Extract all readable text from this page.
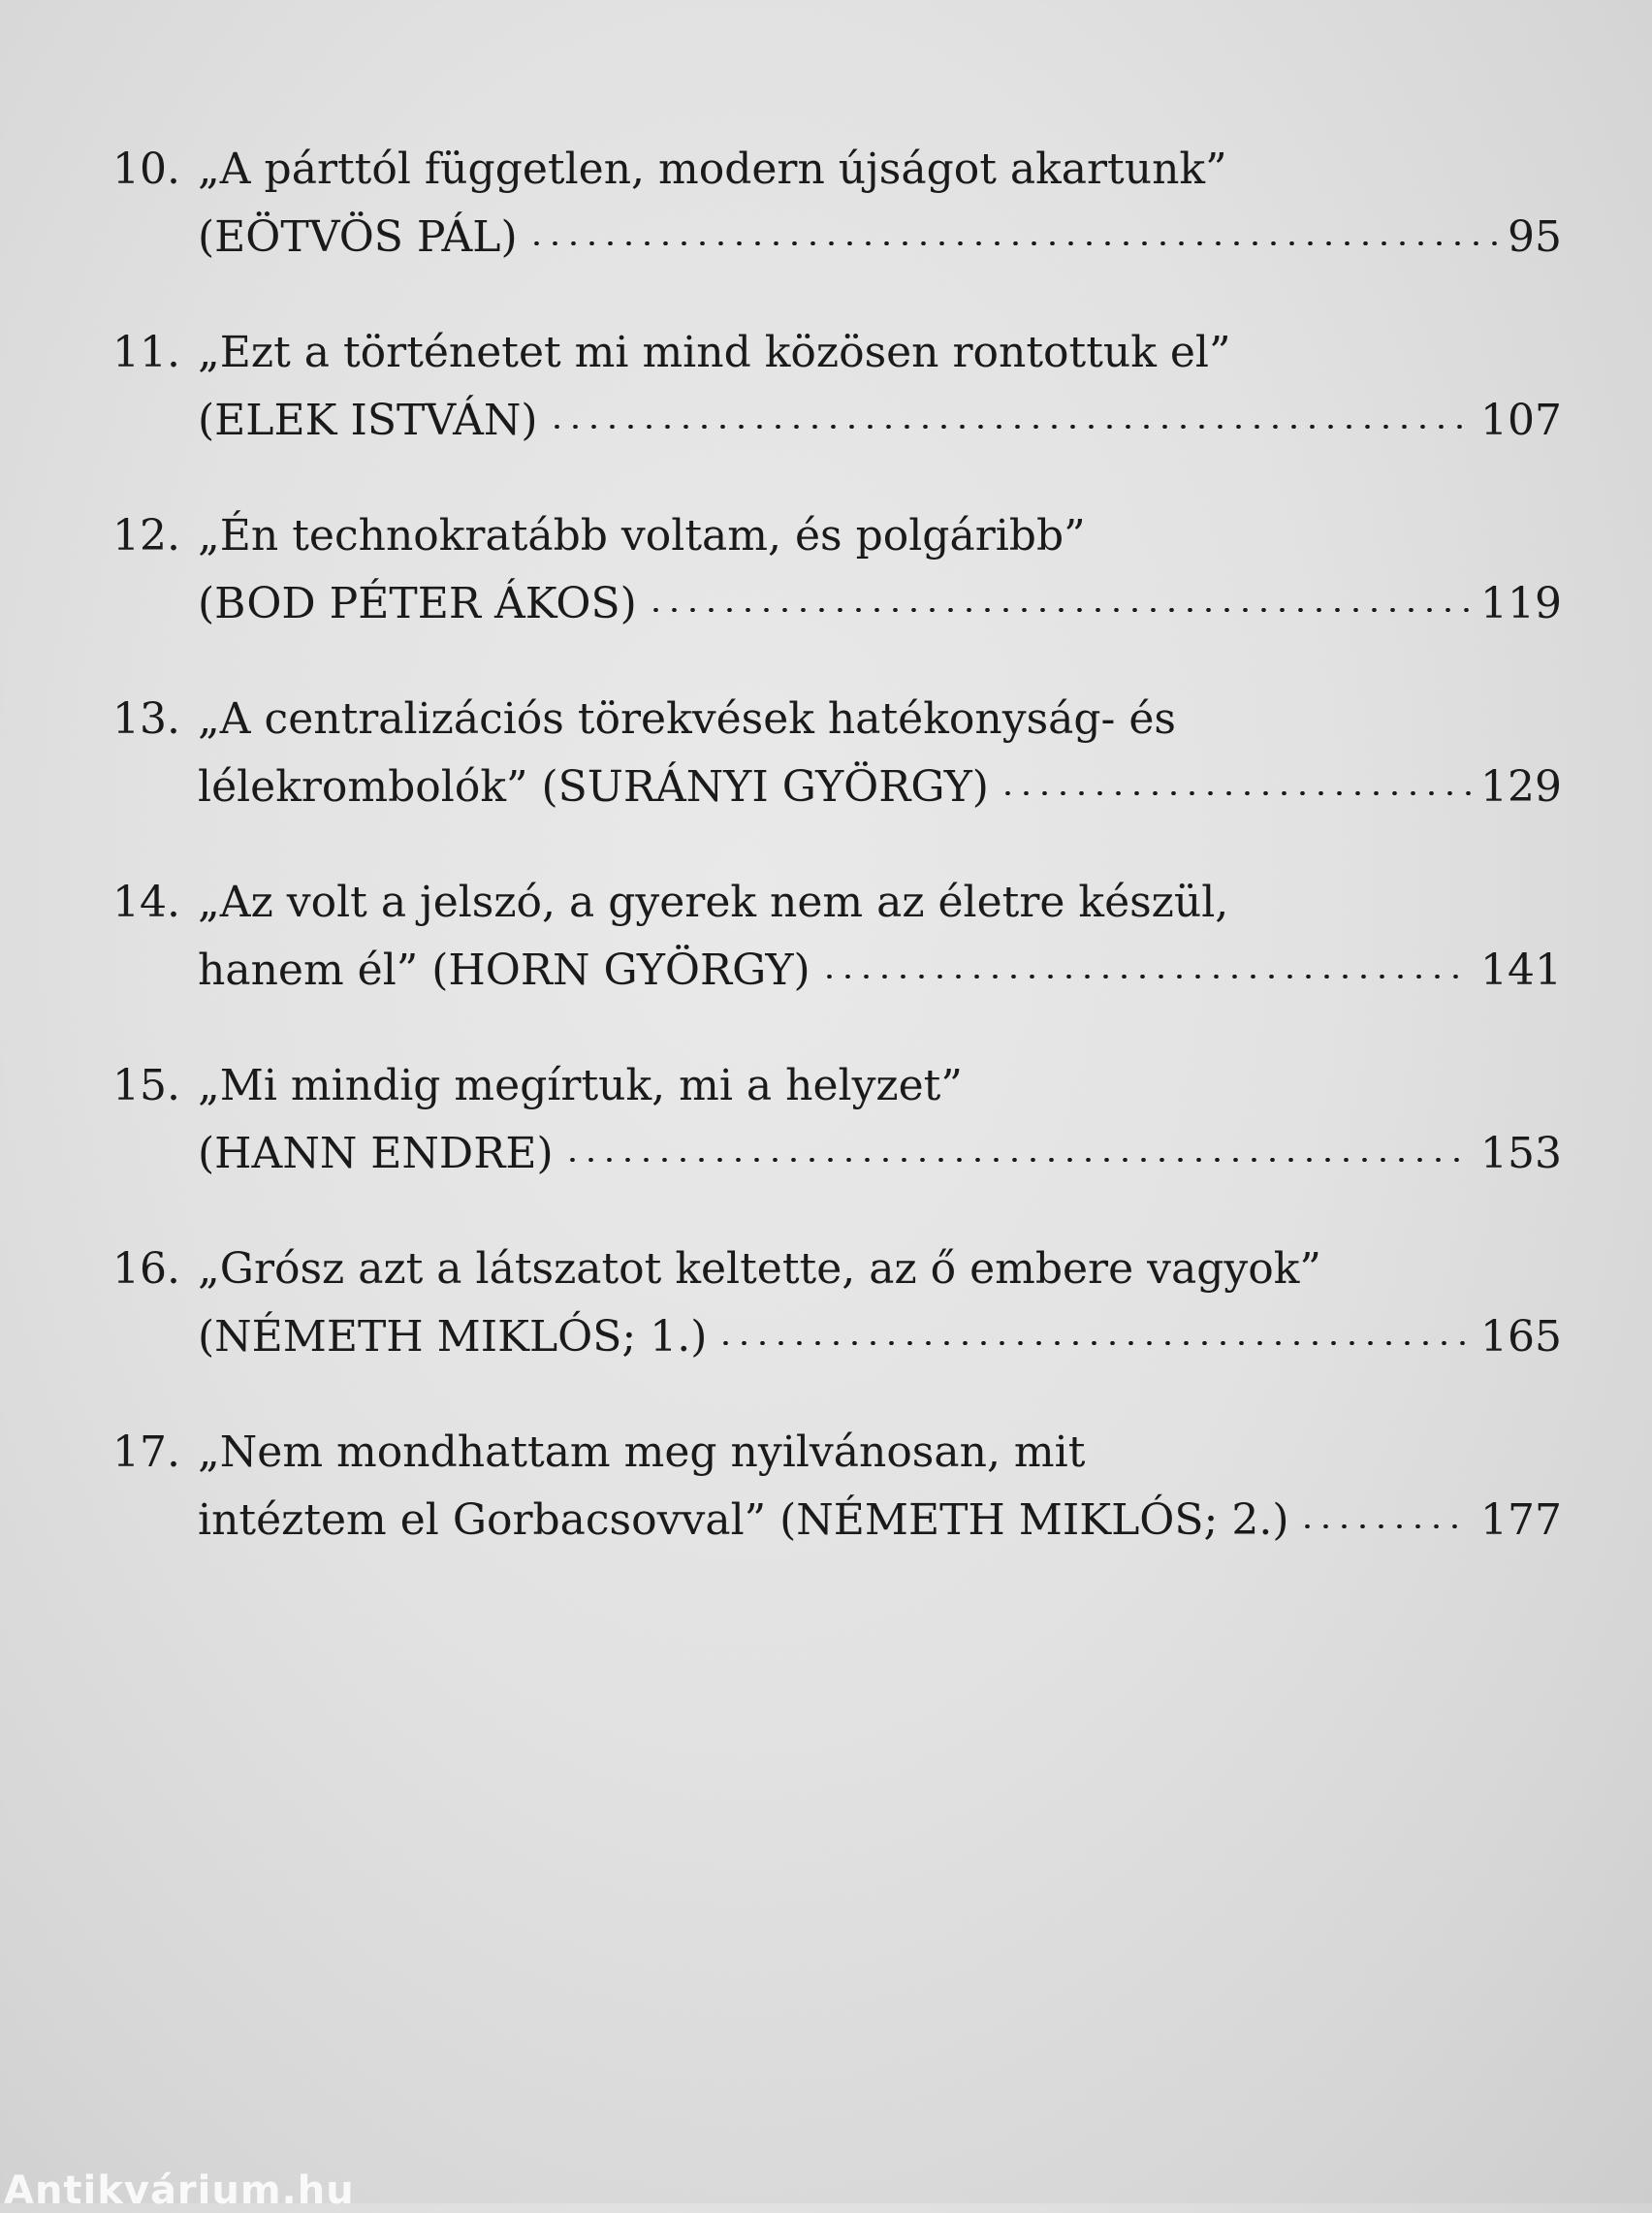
10. „A párttól független, modern újságot akartunk”
(EÖTVÖS PÁL)	95
11. „Ezt a történetet mi mind közösen rontottuk el”
(ELEK ISTVÁN)	107
12. „Én technokratább voltam, és polgáribb”
(BOD PÉTER ÁKOS)	119
13. „A centralizációs törekvések hatékonyság- és
lélekrombolók” (SURÁNYI GYÖRGY)	129
14. „Az volt a jelszó, a gyerek nem az életre készül,
hanem él” (HORN GYÖRGY)	141
15. „Mi mindig megírtuk, mi a helyzet”
(HANN ENDRE)	153
16. „Grósz azt a látszatot keltette, az ő embere vagyok”
(NÉMETH MIKLÓS; 1.)	165
17. „Nem mondhattam meg nyilvánosan, mit
intéztem el Gorbacsovval” (NÉMETH MIKLÓS; 2.)	177
Antikvárium.hu
